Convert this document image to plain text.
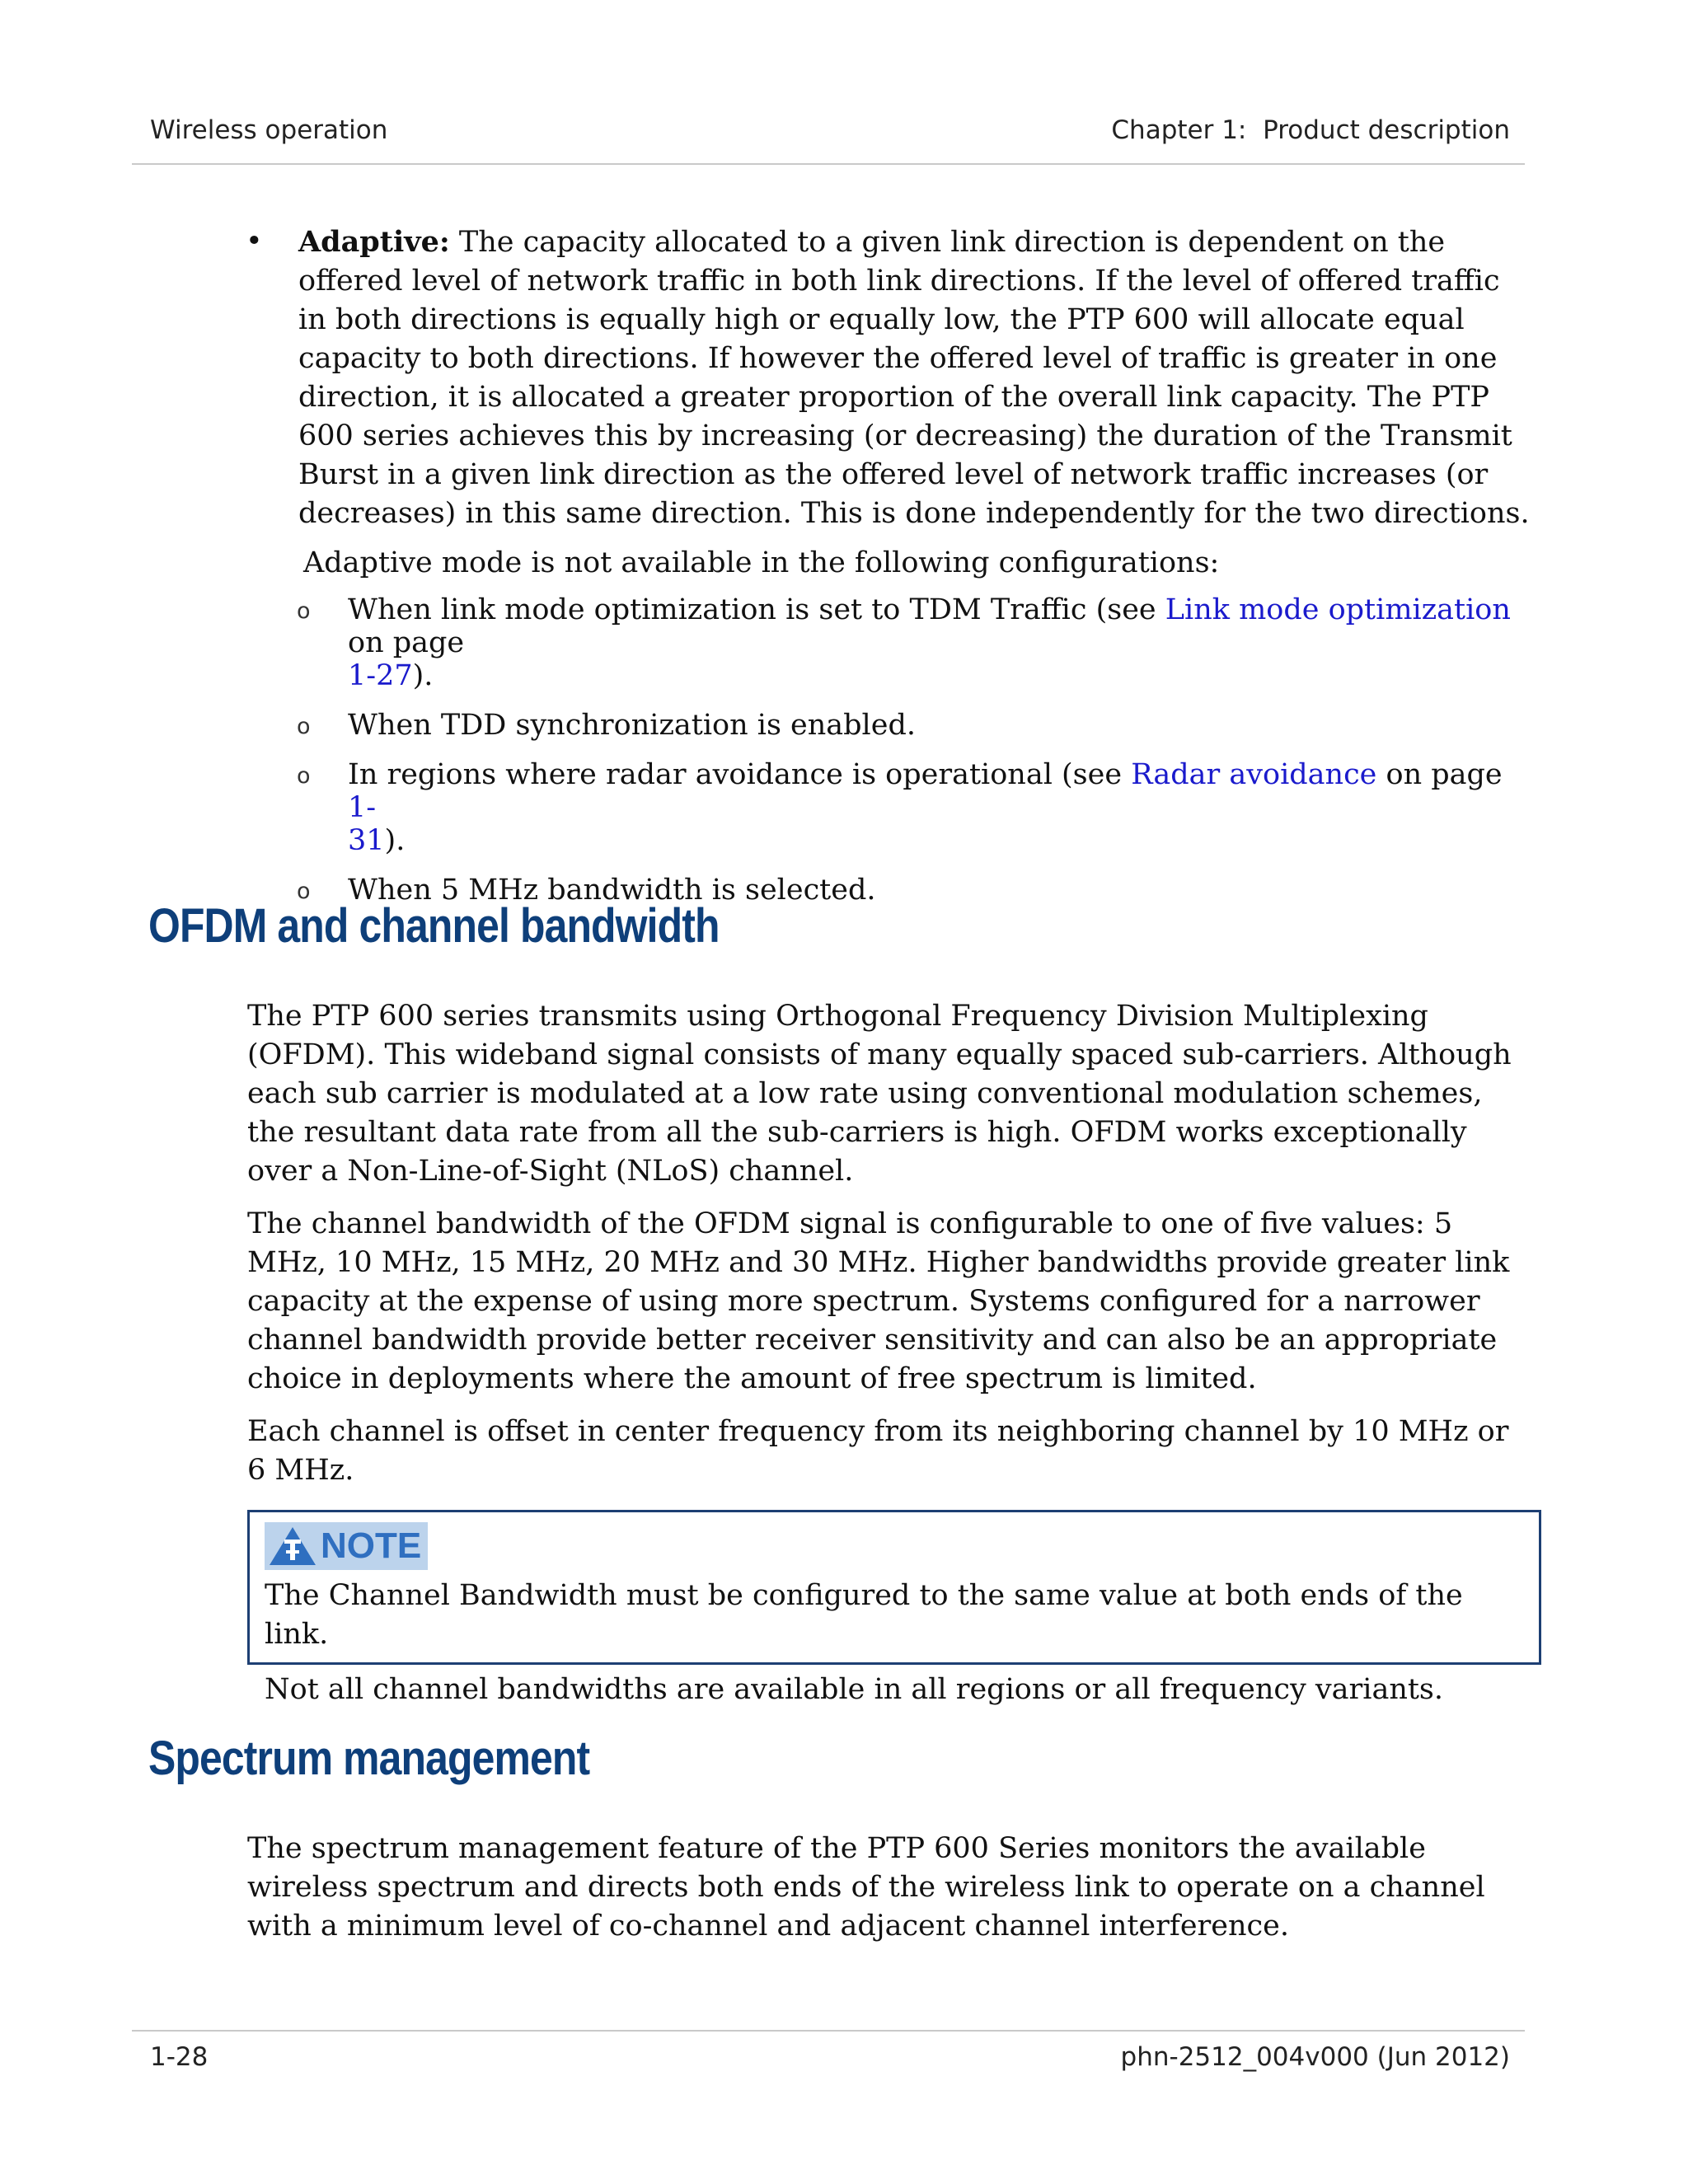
Wireless operation	Chapter 1:  Product description
• Adaptive: The capacity allocated to a given link direction is dependent on the offered level of network traffic in both link directions. If the level of offered traffic in both directions is equally high or equally low, the PTP 600 will allocate equal capacity to both directions. If however the offered level of traffic is greater in one direction, it is allocated a greater proportion of the overall link capacity. The PTP 600 series achieves this by increasing (or decreasing) the duration of the Transmit Burst in a given link direction as the offered level of network traffic increases (or decreases) in this same direction. This is done independently for the two directions.
Adaptive mode is not available in the following configurations:
o When link mode optimization is set to TDM Traffic (see Link mode optimization on page
1-27).
o When TDD synchronization is enabled.
o In regions where radar avoidance is operational (see Radar avoidance on page 1-
31).
o When 5 MHz bandwidth is selected.
OFDM and channel bandwidth
The PTP 600 series transmits using Orthogonal Frequency Division Multiplexing (OFDM). This wideband signal consists of many equally spaced sub-carriers. Although each sub carrier is modulated at a low rate using conventional modulation schemes, the resultant data rate from all the sub-carriers is high. OFDM works exceptionally over a Non-Line-of-Sight (NLoS) channel.
The channel bandwidth of the OFDM signal is configurable to one of five values: 5 MHz, 10 MHz, 15 MHz, 20 MHz and 30 MHz. Higher bandwidths provide greater link capacity at the expense of using more spectrum. Systems configured for a narrower channel bandwidth provide better receiver sensitivity and can also be an appropriate choice in deployments where the amount of free spectrum is limited.
Each channel is offset in center frequency from its neighboring channel by 10 MHz or 6 MHz.
NOTE
The Channel Bandwidth must be configured to the same value at both ends of the link.
Not all channel bandwidths are available in all regions or all frequency variants.
Spectrum management
The spectrum management feature of the PTP 600 Series monitors the available wireless spectrum and directs both ends of the wireless link to operate on a channel with a minimum level of co-channel and adjacent channel interference.
1-28	phn-2512_004v000 (Jun 2012)
